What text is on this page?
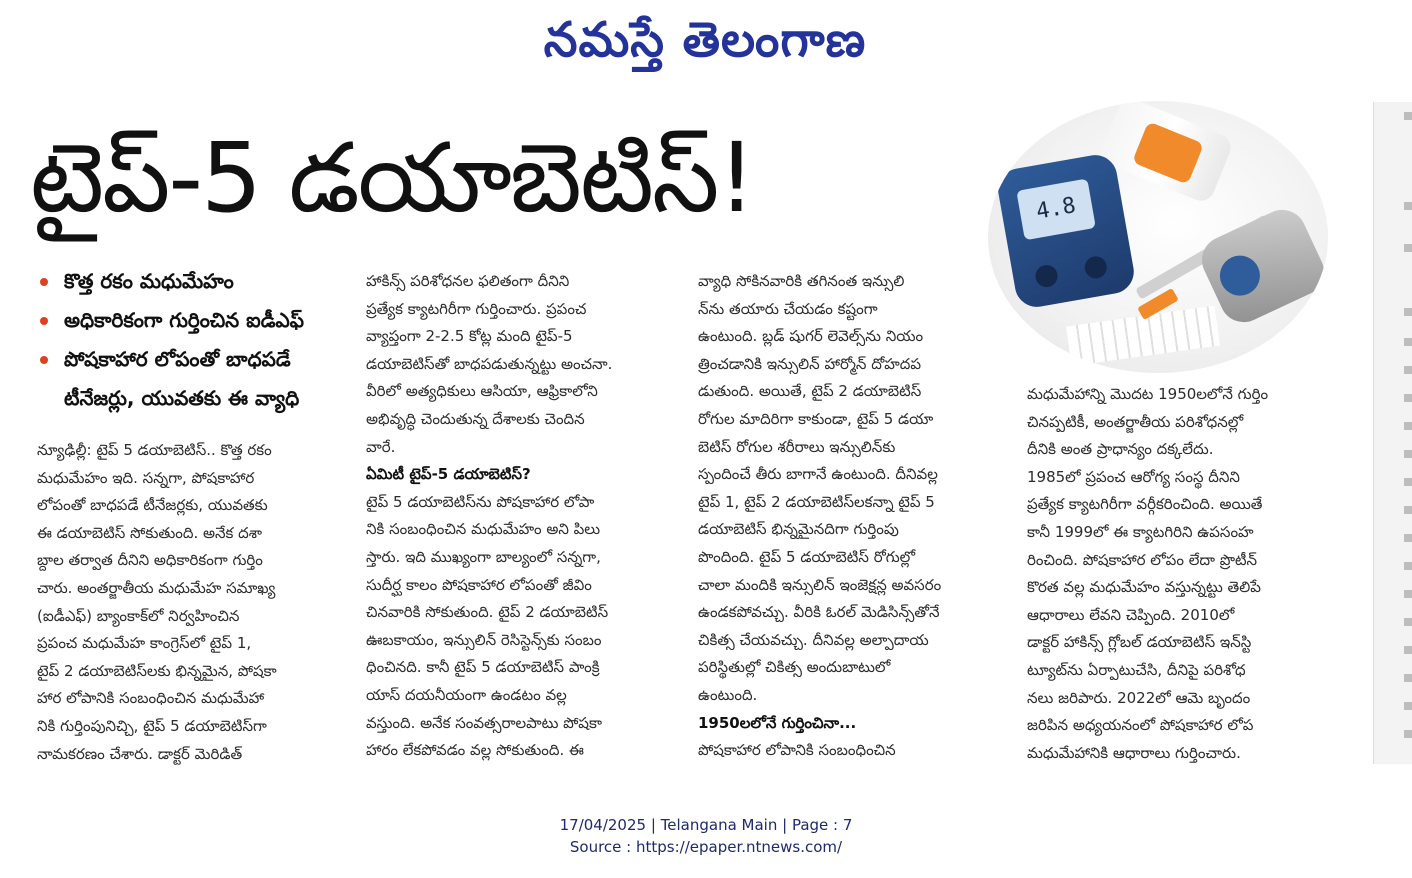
నమస్తే తెలంగాణ
టైప్-5 డయాబెటిస్!	4.8
కొత్త రకం మధుమేహం
అధికారికంగా గుర్తించిన ఐడీఎఫ్
పోషకాహార లోపంతో బాధపడే
టీనేజర్లు, యువతకు ఈ వ్యాధి

న్యూఢిల్లీ: టైప్ 5 డయాబెటిస్.. కొత్త రకం

మధుమేహం ఇది. సన్నగా, పోషకాహార

లోపంతో బాధపడే టీనేజర్లకు, యువతకు

ఈ డయాబెటిస్ సోకుతుంది. అనేక దశా

బ్దాల తర్వాత దీనిని అధికారికంగా గుర్తిం

చారు. అంతర్జాతీయ మధుమేహ సమాఖ్య

(ఐడీఎఫ్) బ్యాంకాక్‌లో నిర్వహించిన

ప్రపంచ మధుమేహ కాంగ్రెస్‌లో టైప్ 1,

టైప్ 2 డయాబెటిస్‌లకు భిన్నమైన, పోషకా

హార లోపానికి సంబంధించిన మధుమేహా

నికి గుర్తింపునిచ్చి, టైప్ 5 డయాబెటిస్‌గా

నామకరణం చేశారు. డాక్టర్ మెరిడిత్

హాకిన్స్ పరిశోధనల ఫలితంగా దీనిని

ప్రత్యేక క్యాటగిరీగా గుర్తించారు. ప్రపంచ

వ్యాప్తంగా 2-2.5 కోట్ల మంది టైప్-5

డయాబెటిస్‌తో బాధపడుతున్నట్టు అంచనా.

వీరిలో అత్యధికులు ఆసియా, ఆఫ్రికాలోని

అభివృద్ధి చెందుతున్న దేశాలకు చెందిన

వారే.

ఏమిటీ టైప్-5 డయాబెటిస్?

టైప్ 5 డయాబెటిస్‌ను పోషకాహార లోపా

నికి సంబంధించిన మధుమేహం అని పిలు

స్తారు. ఇది ముఖ్యంగా బాల్యంలో సన్నగా,

సుదీర్ఘ కాలం పోషకాహార లోపంతో జీవిం

చినవారికి సోకుతుంది. టైప్ 2 డయాబెటిస్

ఊబకాయం, ఇన్సులిన్ రెసిస్టెన్స్‌కు సంబం

ధించినది. కానీ టైప్ 5 డయాబెటిస్ పాంక్రి

యాస్ దయనీయంగా ఉండటం వల్ల

వస్తుంది. అనేక సంవత్సరాలపాటు పోషకా

హారం లేకపోవడం వల్ల సోకుతుంది. ఈ

వ్యాధి సోకినవారికి తగినంత ఇన్సులి

న్‌ను తయారు చేయడం కష్టంగా

ఉంటుంది. బ్లడ్ షుగర్ లెవెల్స్‌ను నియం

త్రించడానికి ఇన్సులిన్ హార్మోన్ దోహదప

డుతుంది. అయితే, టైప్ 2 డయాబెటిస్

రోగుల మాదిరిగా కాకుండా, టైప్ 5 డయా

బెటిస్ రోగుల శరీరాలు ఇన్సులిన్‌కు

స్పందించే తీరు బాగానే ఉంటుంది. దీనివల్ల

టైప్ 1, టైప్ 2 డయాబెటిస్‌లకన్నా టైప్ 5

డయాబెటిస్ భిన్నమైనదిగా గుర్తింపు

పొందింది. టైప్ 5 డయాబెటిస్ రోగుల్లో

చాలా మందికి ఇన్సులిన్ ఇంజెక్షన్ల అవసరం

ఉండకపోవచ్చు. వీరికి ఓరల్ మెడిసిన్స్‌తోనే

చికిత్స చేయవచ్చు. దీనివల్ల అల్పాదాయ

పరిస్థితుల్లో చికిత్స అందుబాటులో

ఉంటుంది.

1950లలోనే గుర్తించినా...

పోషకాహార లోపానికి సంబంధించిన

మధుమేహాన్ని మొదట 1950లలోనే గుర్తిం

చినప్పటికీ, అంతర్జాతీయ పరిశోధనల్లో

దీనికి అంత ప్రాధాన్యం దక్కలేదు.

1985లో ప్రపంచ ఆరోగ్య సంస్థ దీనిని

ప్రత్యేక క్యాటగిరీగా వర్గీకరించింది. అయితే

కానీ 1999లో ఈ క్యాటగిరిని ఉపసంహ

రించింది. పోషకాహార లోపం లేదా ప్రొటీన్

కొరత వల్ల మధుమేహం వస్తున్నట్టు తెలిపే

ఆధారాలు లేవని చెప్పింది. 2010లో

డాక్టర్ హాకిన్స్ గ్లోబల్ డయాబెటిస్ ఇన్‌స్టి

ట్యూట్‌ను ఏర్పాటుచేసి, దీనిపై పరిశోధ

నలు జరిపారు. 2022లో ఆమె బృందం

జరిపిన అధ్యయనంలో పోషకాహార లోప

మధుమేహానికి ఆధారాలు గుర్తించారు.

17/04/2025 | Telangana Main | Page : 7
Source : https://epaper.ntnews.com/
